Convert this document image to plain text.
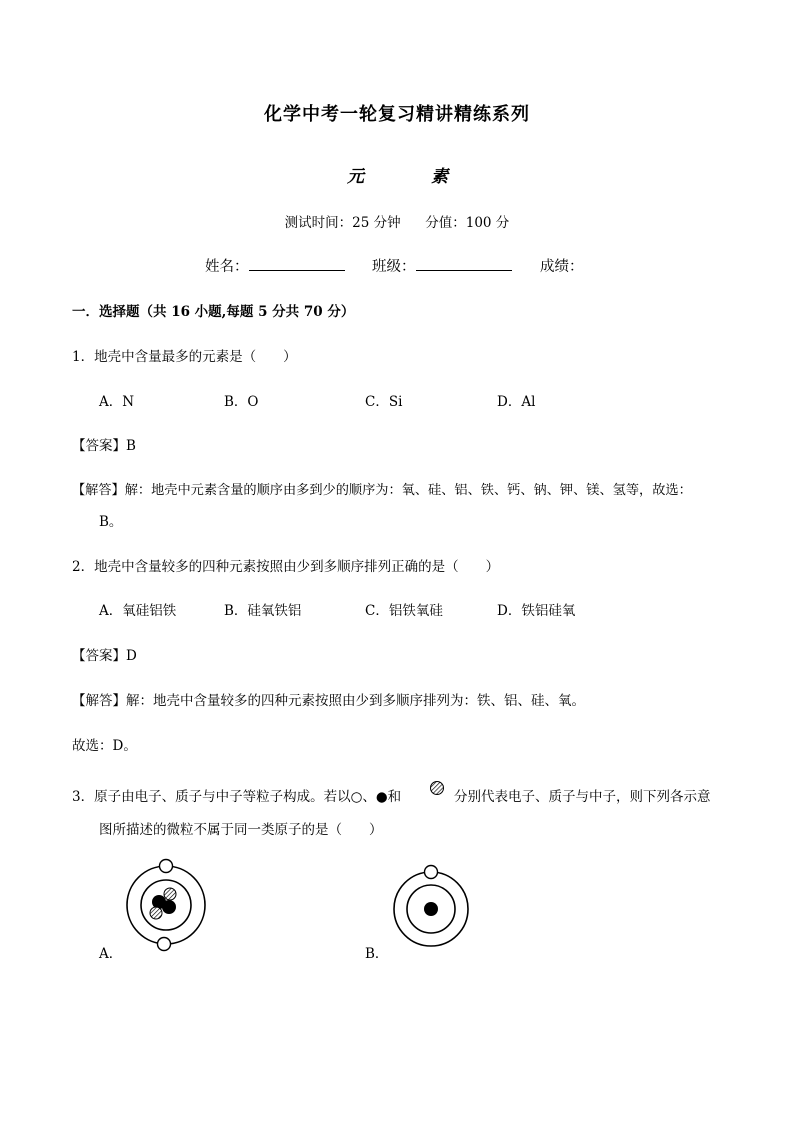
化学中考一轮复习精讲精练系列
元	素
测试时间：25 分钟 分值：100 分
姓名：	班级：	成绩：
一．选择题（共 16 小题,每题 5 分共 70 分）
1．地壳中含量最多的元素是（　　）
A．N	B．O	C．Si	D．Al
【答案】B
【解答】解：地壳中元素含量的顺序由多到少的顺序为：氧、硅、铝、铁、钙、钠、钾、镁、氢等，故选：
B。
2．地壳中含量较多的四种元素按照由少到多顺序排列正确的是（　　）
A．氧硅铝铁	B．硅氧铁铝	C．铝铁氧硅	D．铁铝硅氧
【答案】D
【解答】解：地壳中含量较多的四种元素按照由少到多顺序排列为：铁、铝、硅、氧。
故选：D。
3．原子由电子、质子与中子等粒子构成。若以○、●和	分别代表电子、质子与中子，则下列各示意
图所描述的微粒不属于同一类原子的是（　　）
A．	B．
